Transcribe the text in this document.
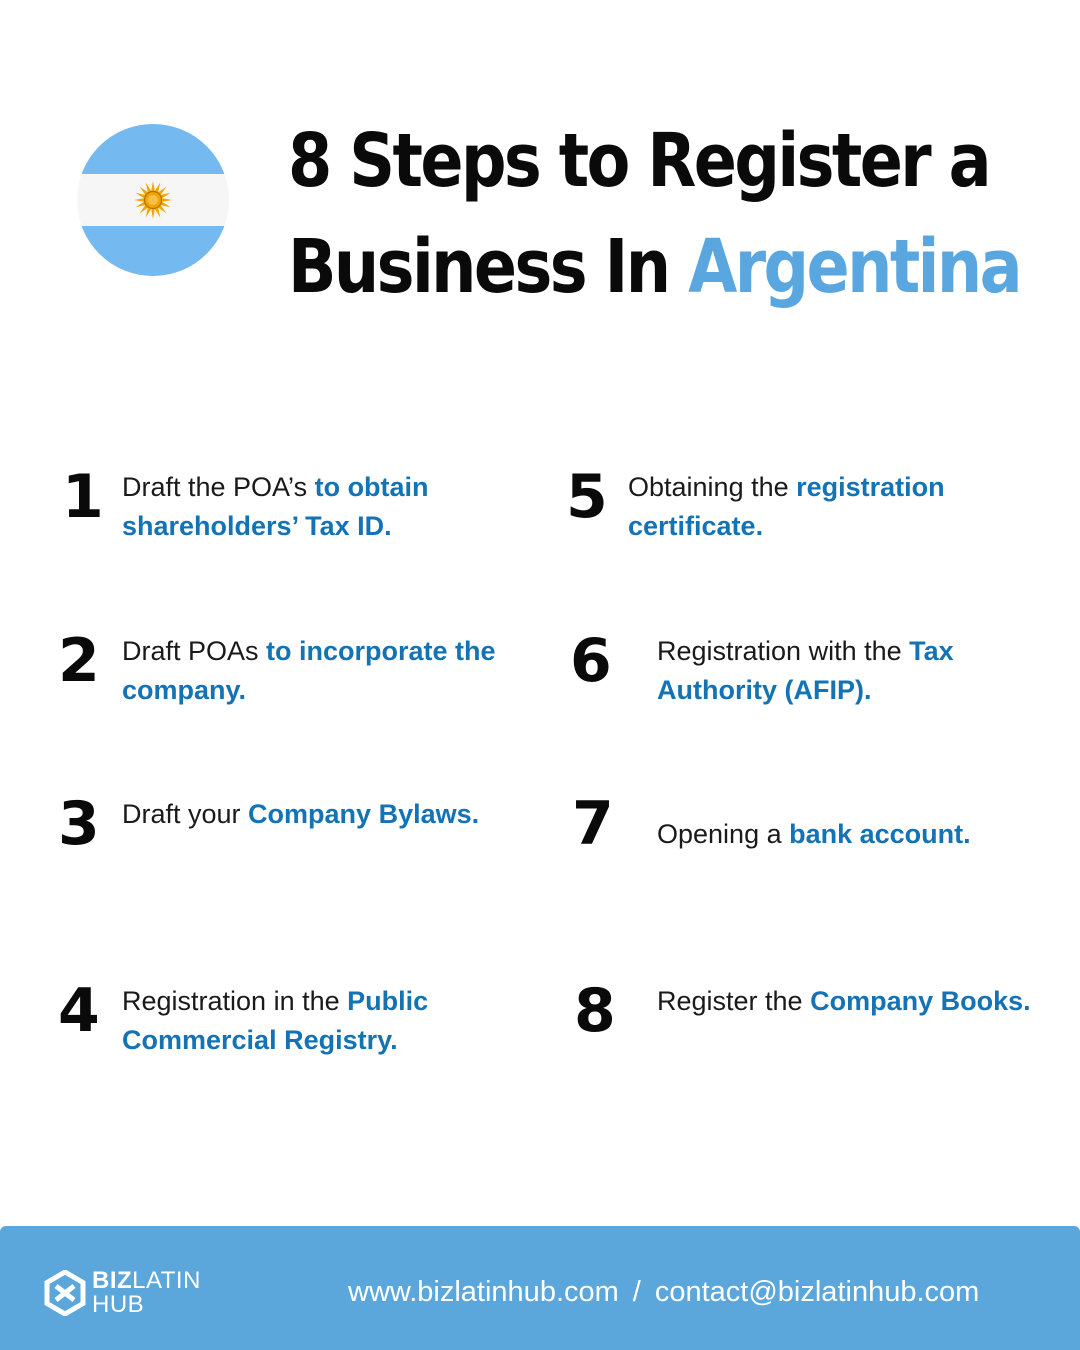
8 Steps to Register a
Business In Argentina
1 Draft the POA’s to obtain shareholders’ Tax ID.
2 Draft POAs to incorporate the company.
3 Draft your Company Bylaws.
4 Registration in the Public Commercial Registry.
5 Obtaining the registration certificate.
6 Registration with the Tax Authority (AFIP).
7 Opening a bank account.
8 Register the Company Books.
BIZLATIN
HUB	www.bizlatinhub.com / contact@bizlatinhub.com
